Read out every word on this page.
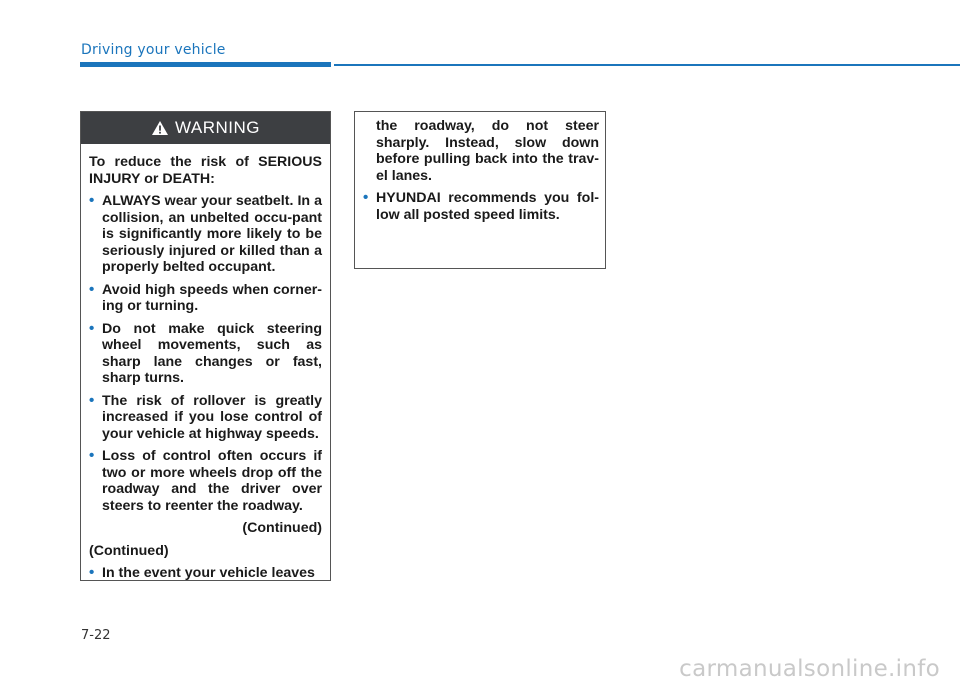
Driving your vehicle
WARNING

To reduce the risk of SERIOUS INJURY or DEATH:

• ALWAYS wear your seatbelt. In a collision, an unbelted occu-pant is significantly more likely to be seriously injured or killed than a properly belted occupant.
• Avoid high speeds when corner-ing or turning.
• Do not make quick steering wheel movements, such as sharp lane changes or fast, sharp turns.
• The risk of rollover is greatly increased if you lose control of your vehicle at highway speeds.
• Loss of control often occurs if two or more wheels drop off the roadway and the driver over steers to reenter the roadway.

(Continued)

(Continued)

• In the event your vehicle leaves
the roadway, do not steer sharply. Instead, slow down before pulling back into the trav-el lanes.
• HYUNDAI recommends you fol-low all posted speed limits.
7-22
carmanualsonline.info
